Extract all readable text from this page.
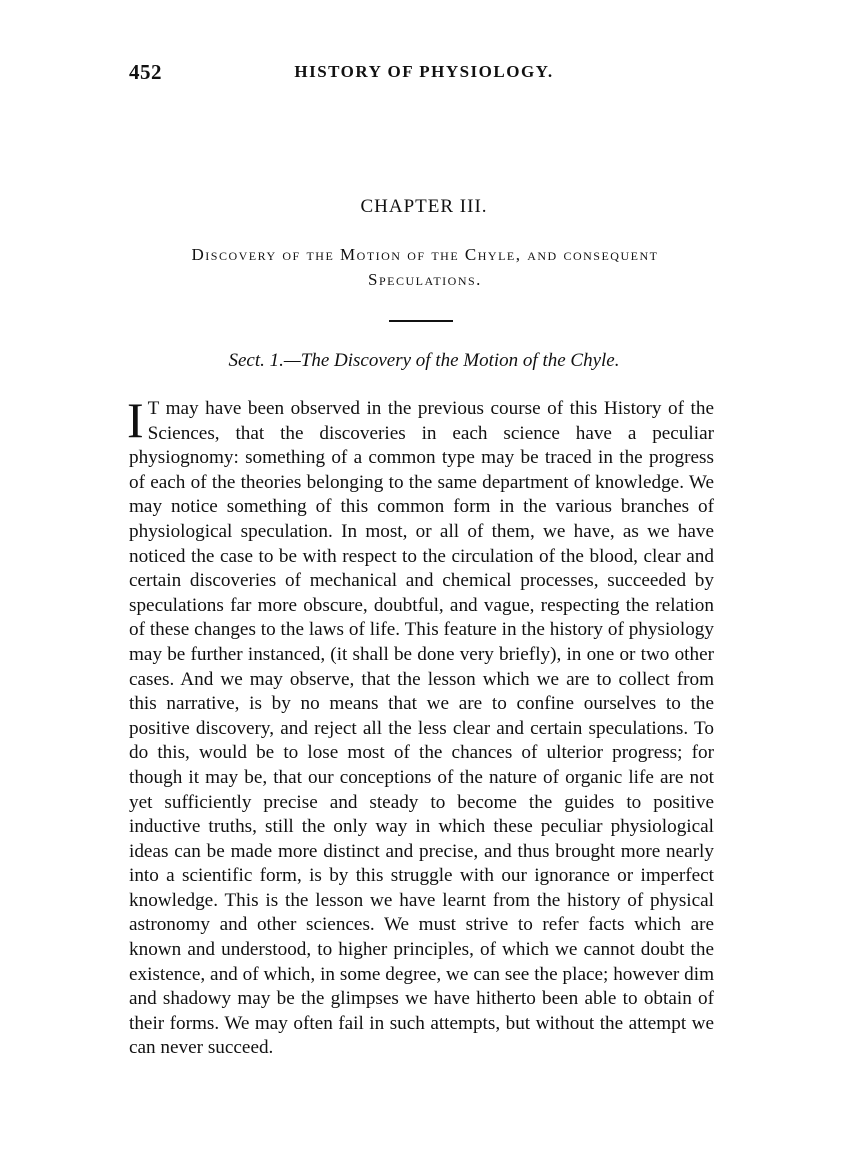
452	HISTORY OF PHYSIOLOGY.
CHAPTER III.
Discovery of the Motion of the Chyle, and consequent Speculations.
Sect. 1.—The Discovery of the Motion of the Chyle.
I T may have been observed in the previous course of this History of the Sciences, that the discoveries in each science have a peculiar physiognomy: something of a common type may be traced in the progress of each of the theories belonging to the same department of knowledge. We may notice something of this common form in the various branches of physiological speculation. In most, or all of them, we have, as we have noticed the case to be with respect to the circulation of the blood, clear and certain discoveries of mechanical and chemical processes, succeeded by speculations far more obscure, doubtful, and vague, respecting the relation of these changes to the laws of life. This feature in the history of physiology may be further instanced, (it shall be done very briefly), in one or two other cases. And we may observe, that the lesson which we are to collect from this narrative, is by no means that we are to confine ourselves to the positive discovery, and reject all the less clear and certain speculations. To do this, would be to lose most of the chances of ulterior progress; for though it may be, that our conceptions of the nature of organic life are not yet sufficiently precise and steady to become the guides to positive inductive truths, still the only way in which these peculiar physiological ideas can be made more distinct and precise, and thus brought more nearly into a scientific form, is by this struggle with our ignorance or imperfect knowledge. This is the lesson we have learnt from the history of physical astronomy and other sciences. We must strive to refer facts which are known and understood, to higher principles, of which we cannot doubt the existence, and of which, in some degree, we can see the place; however dim and shadowy may be the glimpses we have hitherto been able to obtain of their forms. We may often fail in such attempts, but without the attempt we can never succeed.
